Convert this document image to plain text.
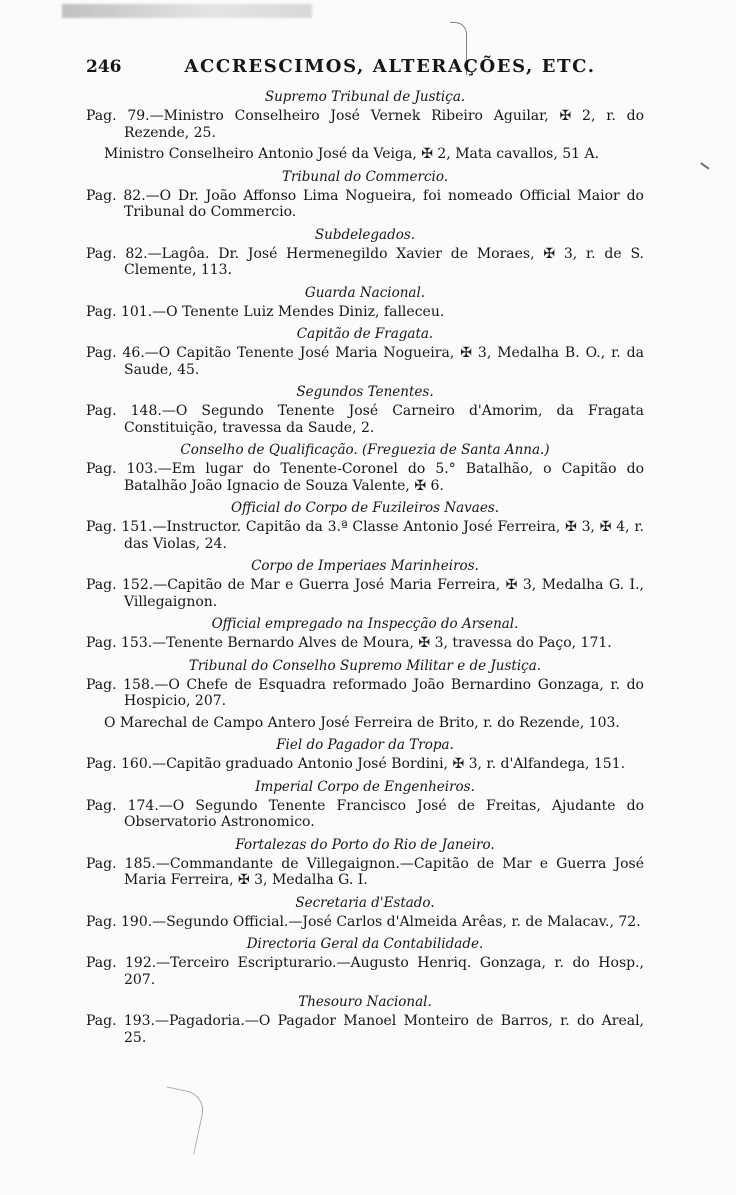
246	ACCRESCIMOS, ALTERAÇÕES, ETC.
Supremo Tribunal de Justiça.
Pag. 79.—Ministro Conselheiro José Vernek Ribeiro Aguilar, ✠ 2, r. do Rezende, 25.
Ministro Conselheiro Antonio José da Veiga, ✠ 2, Mata cavallos, 51 A.
Tribunal do Commercio.
Pag. 82.—O Dr. João Affonso Lima Nogueira, foi nomeado Official Maior do Tribunal do Commercio.
Subdelegados.
Pag. 82.—Lagôa. Dr. José Hermenegildo Xavier de Moraes, ✠ 3, r. de S. Clemente, 113.
Guarda Nacional.
Pag. 101.—O Tenente Luiz Mendes Diniz, falleceu.
Capitão de Fragata.
Pag. 46.—O Capitão Tenente José Maria Nogueira, ✠ 3, Medalha B. O., r. da Saude, 45.
Segundos Tenentes.
Pag. 148.—O Segundo Tenente José Carneiro d'Amorim, da Fragata Constituição, travessa da Saude, 2.
Conselho de Qualificação. (Freguezia de Santa Anna.)
Pag. 103.—Em lugar do Tenente-Coronel do 5.° Batalhão, o Capitão do Batalhão João Ignacio de Souza Valente, ✠ 6.
Official do Corpo de Fuzileiros Navaes.
Pag. 151.—Instructor. Capitão da 3.ª Classe Antonio José Ferreira, ✠ 3, ✠ 4, r. das Violas, 24.
Corpo de Imperiaes Marinheiros.
Pag. 152.—Capitão de Mar e Guerra José Maria Ferreira, ✠ 3, Medalha G. I., Villegaignon.
Official empregado na Inspecção do Arsenal.
Pag. 153.—Tenente Bernardo Alves de Moura, ✠ 3, travessa do Paço, 171.
Tribunal do Conselho Supremo Militar e de Justiça.
Pag. 158.—O Chefe de Esquadra reformado João Bernardino Gonzaga, r. do Hospicio, 207.
O Marechal de Campo Antero José Ferreira de Brito, r. do Rezende, 103.
Fiel do Pagador da Tropa.
Pag. 160.—Capitão graduado Antonio José Bordini, ✠ 3, r. d'Alfandega, 151.
Imperial Corpo de Engenheiros.
Pag. 174.—O Segundo Tenente Francisco José de Freitas, Ajudante do Observatorio Astronomico.
Fortalezas do Porto do Rio de Janeiro.
Pag. 185.—Commandante de Villegaignon.—Capitão de Mar e Guerra José Maria Ferreira, ✠ 3, Medalha G. I.
Secretaria d'Estado.
Pag. 190.—Segundo Official.—José Carlos d'Almeida Arêas, r. de Malacav., 72.
Directoria Geral da Contabilidade.
Pag. 192.—Terceiro Escripturario.—Augusto Henriq. Gonzaga, r. do Hosp., 207.
Thesouro Nacional.
Pag. 193.—Pagadoria.—O Pagador Manoel Monteiro de Barros, r. do Areal, 25.
